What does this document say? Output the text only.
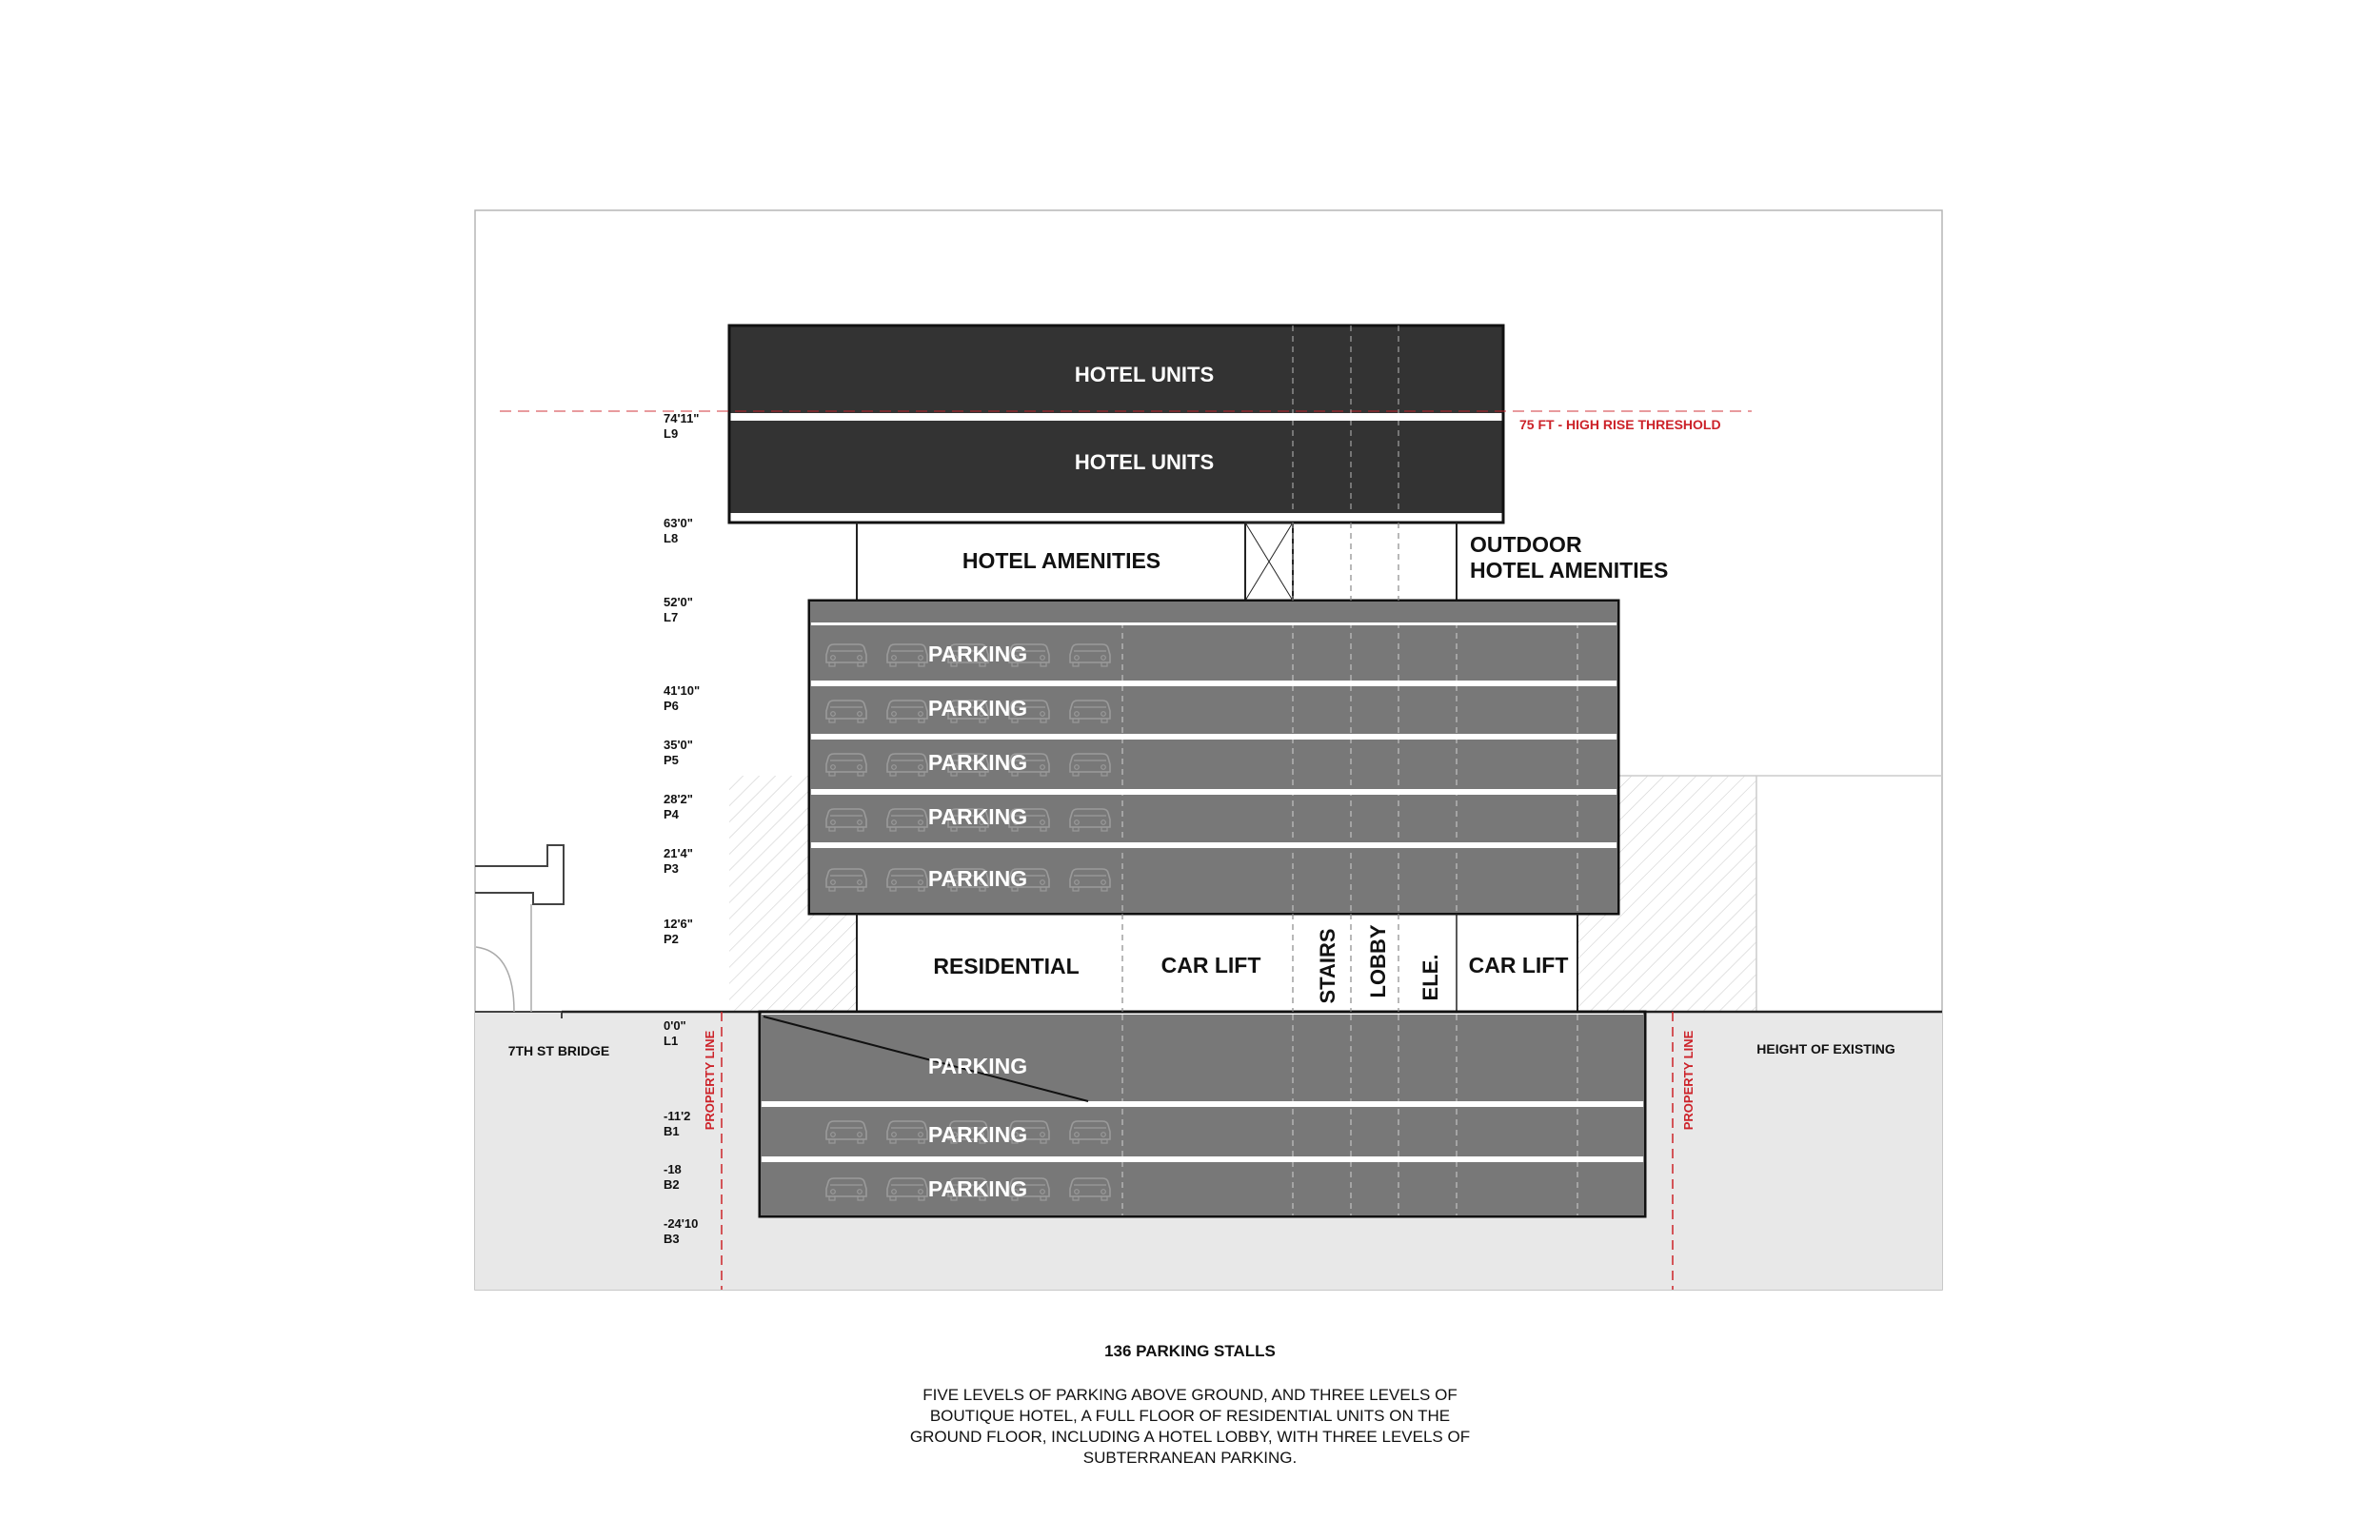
HOTEL UNITS
HOTEL UNITS
75 FT - HIGH RISE THRESHOLD
HOTEL AMENITIES
OUTDOOR
HOTEL AMENITIES
PARKING
PARKING
PARKING
PARKING
PARKING
RESIDENTIAL	CAR LIFT	STAIRS LOBBY ELE. CAR LIFT
PARKING
PARKING
PARKING
PROPERTY LINE	PROPERTY LINE
7TH ST BRIDGE	HEIGHT OF EXISTING
74'11"
L9
63'0"
L8
52'0"
L7
41'10"
P6
35'0"
P5
28'2"
P4
21'4"
P3
12'6"
P2
0'0"
L1
-11'2
B1
-18
B2
-24'10
B3
136 PARKING STALLS
FIVE LEVELS OF PARKING ABOVE GROUND, AND THREE LEVELS OF
BOUTIQUE HOTEL, A FULL FLOOR OF RESIDENTIAL UNITS ON THE
GROUND FLOOR, INCLUDING A HOTEL LOBBY, WITH THREE LEVELS OF
SUBTERRANEAN PARKING.
